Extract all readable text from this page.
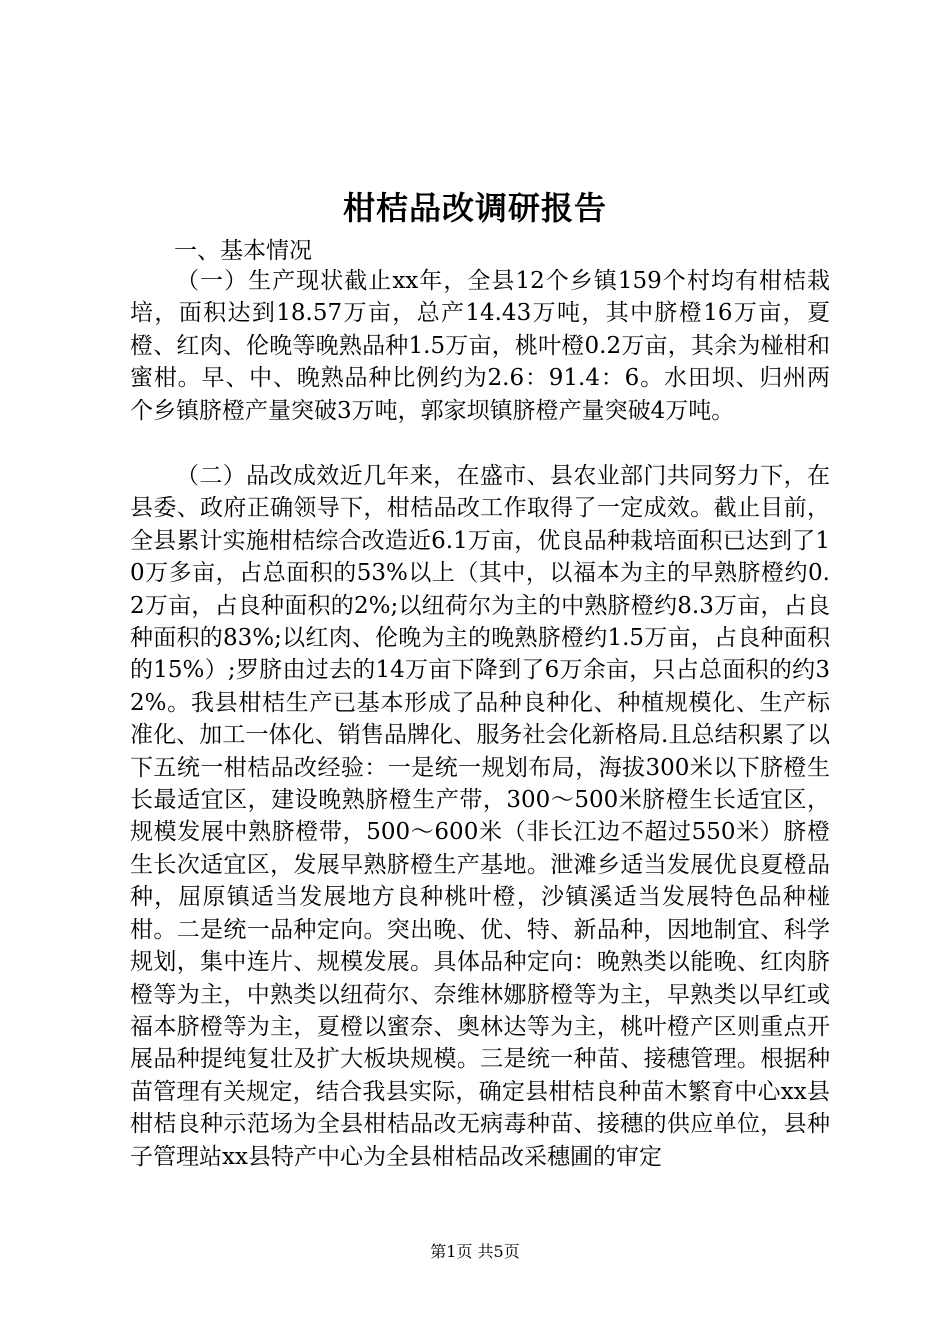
柑桔品改调研报告
一、基本情况
（一）生产现状截止xx年，全县12个乡镇159个村均有柑桔栽培，面积达到18.57万亩，总产14.43万吨，其中脐橙16万亩，夏橙、红肉、伦晚等晚熟品种1.5万亩，桃叶橙0.2万亩，其余为椪柑和蜜柑。早、中、晚熟品种比例约为2.6：91.4：6。水田坝、归州两个乡镇脐橙产量突破3万吨，郭家坝镇脐橙产量突破4万吨。
（二）品改成效近几年来，在盛市、县农业部门共同努力下，在县委、政府正确领导下，柑桔品改工作取得了一定成效。截止目前，全县累计实施柑桔综合改造近6.1万亩，优良品种栽培面积已达到了10万多亩，占总面积的53%以上（其中，以福本为主的早熟脐橙约0.2万亩，占良种面积的2%;以纽荷尔为主的中熟脐橙约8.3万亩，占良种面积的83%;以红肉、伦晚为主的晚熟脐橙约1.5万亩，占良种面积的15%）;罗脐由过去的14万亩下降到了6万余亩，只占总面积的约32%。我县柑桔生产已基本形成了品种良种化、种植规模化、生产标准化、加工一体化、销售品牌化、服务社会化新格局.且总结积累了以下五统一柑桔品改经验：一是统一规划布局，海拔300米以下脐橙生长最适宜区，建设晚熟脐橙生产带，300～500米脐橙生长适宜区，规模发展中熟脐橙带，500～600米（非长江边不超过550米）脐橙生长次适宜区，发展早熟脐橙生产基地。泄滩乡适当发展优良夏橙品种，屈原镇适当发展地方良种桃叶橙，沙镇溪适当发展特色品种椪柑。二是统一品种定向。突出晚、优、特、新品种，因地制宜、科学规划，集中连片、规模发展。具体品种定向：晚熟类以能晚、红肉脐橙等为主，中熟类以纽荷尔、奈维林娜脐橙等为主，早熟类以早红或福本脐橙等为主，夏橙以蜜奈、奥林达等为主，桃叶橙产区则重点开展品种提纯复壮及扩大板块规模。三是统一种苗、接穗管理。根据种苗管理有关规定，结合我县实际，确定县柑桔良种苗木繁育中心xx县柑桔良种示范场为全县柑桔品改无病毒种苗、接穗的供应单位，县种子管理站xx县特产中心为全县柑桔品改采穗圃的审定
第1页 共5页
